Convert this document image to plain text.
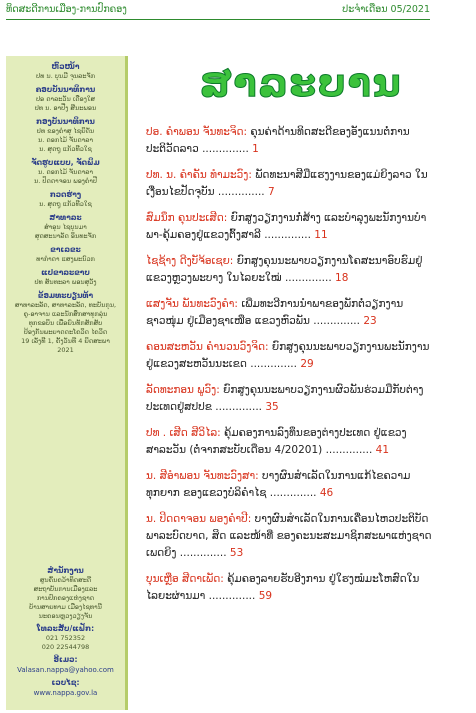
ທິດສະດີການເມືອງ-ການປົກຄອງ	ປະຈຳເດືອນ 05/2021
ຫົວໜ້າ
ປທ ນ. ບຸນມີ ຈຸນລະຈັກ
ຄອບບັນນາທິການ
ປອ ດາລະວັນ ເດືອງໃສ
ປທ ນ. ອາປີ່ງ ສີນະພອນ
ກອງບັນນາທິການ
ປທ ຂອງຄຳສຸ ໄຊຍິດັນ
ນ. ດອກໄມ້ ຈັນດາລາ
ນ. ສຸດຖູ ແກ້ວທີວໃຊ
ຈັດຮູບແບບ, ຈັດພິມ
ນ. ດອກໄມ້ ຈັນດາລາ
ນ. ປິດດາຈອນ ພອງຄຳປີ
ກວດຮ່າງ
ນ. ສຸດຖູ ແກ້ວທີວໃຊ
ສາທາລະ
ສຳອຸນ ໄຊບຸນມາ
ສຸດສະນາລັດ ອິນທະຈັກ
ຂາເລຂະ
ທາກຳດາ ແສງພະນົວກ
ແປຂາລະຂາບ
ປທ ສັນທະລາ ພອນສຸວັງ
ຂ້ອມທະບຽນທ້າ
ສາທາລະລັດ, ສາທາລະລັດ, ທະບັນກຸນ,
ຄູ-ອາຈານ ແລະນັກສຶກສາທຸກລຸ່ນ
ທຸກຂອບິນ ເພື່ອຍົນທັກສັກສັບ
ປ້ອງກັນພະຍາດດະໂຄວິດ ໄຄວິດ
19 ເລັ່ງທີ 1, ຄັ້ງວັນທີ 4 ຍິດສະພາ
2021
ສຳນັກງານ
ສູນຄົ້ນຄວ້າທິດສະດີ
ສະຖາບັນການເມືອງແລະ
ການປົກຄອງແຫ່ງຊາດ
ບ້ານສາຍທາມ ເມືອງໄຊທານີ
ນະຄອນຫຼວງວຽງຈັນ
ໂທລະສັບ/ແຟັກ:
021 752352
020 22544798
ອີເມວ:
Valasan.nappa@yahoo.com
ເວບໄຊ:
www.nappa.gov.la
ສາລະບານ
ປອ. ຄຳພອນ ຈັນທະຈິດ: ຄຸນຄ່າດ້ານທິດສະດີຂອງອັງແນນຕໍ່ການປະຕິວັດລາວ .............. 1
ປທ. ນ. ຄຳຄັນ ທຳມະວົງ: ພັດທະນາສີມືແຮງງານຂອງແມ່ຍິງລາວ ໃນເງື່ອນໄຂປັດຈຸບັນ .............. 7
ສົມນຶກ ຄຸນປະເສີດ: ຍົກສູງວຽກງານກໍ່ສ້າງ ແລະບຳລຸງພະນັກງານບຳພາ-ຄຸ້ມຄອງຢູ່ແຂວງຕົ້ງສາລີ .............. 11
ໄຊຊ້າງ ດີງບັຈ້ອເຊຍ: ຍົກສູງຄຸນນະພາບວຽກງານໂຄສະນາອົບຮົມຢູ່ແຂວງຫຼວງພະບາງ ໃນໄລຍະໃໝ່ .............. 18
ແສງຈັນ ພັນທະວົງຄຳ: ເພີ່ມທະວີການນຳພາຂອງພັກຕໍ່ວຽກງານຊາວໜຸ່ມ ຢູ່ເມືອງຊາເໜືອ ແຂວງຫົວພັນ .............. 23
ຄອນສະຫວັນ ຄຳນວນວົງຈິດ: ຍົກສູງຄຸນນະພາບວຽກງານພະນັກງານ ຢູ່ແຂວງສະຫວັນນະເຂດ .............. 29
ລັດທະກອນ ພູວົງ: ຍົກສູງຄຸນນະພາບວຽກງານຜົວພັນຮ່ວມມືກັບຕ່າງປະເທດຢູ່ສປປຂ .............. 35
ປທ . ເສີດ ສີວິໄລ: ຄຸ້ມຄອງການລົງທຶນຂອງຕ່າງປະເທດ ຢູ່ແຂວງສາລະວັນ (ຕໍ່ຈາກສະບັບເດືອນ 4/20201) .............. 41
ນ. ສີອຳພອນ ຈັນທະວົງສາ: ບາງຜົນສຳເລັດໃນການແກ້ໄຂຄວາມທຸກຍາກ ຂອງແຂວງບໍລິຄຳໄຊ .............. 46
ນ. ປິດດາຈອນ ພອງຄຳປີ: ບາງຜົນສຳເລັດໃນການເຄື່ອນໄຫວປະຕິບັດພາລະບົດບາດ, ສິດ ແລະໜ້າທີ່ ຂອງຄະນະສະມາຊິກສະພາແຫ່ງຊາດເພດຍິງ .............. 53
ບຸນເຫຼືອ ສີດາເພັດ: ຄຸ້ມຄອງລາຍຮັບອີງການ ຢູ່ໃຮງໝໍມະໂຫສົດໃນໄລຍະຜ່ານມາ .............. 59
